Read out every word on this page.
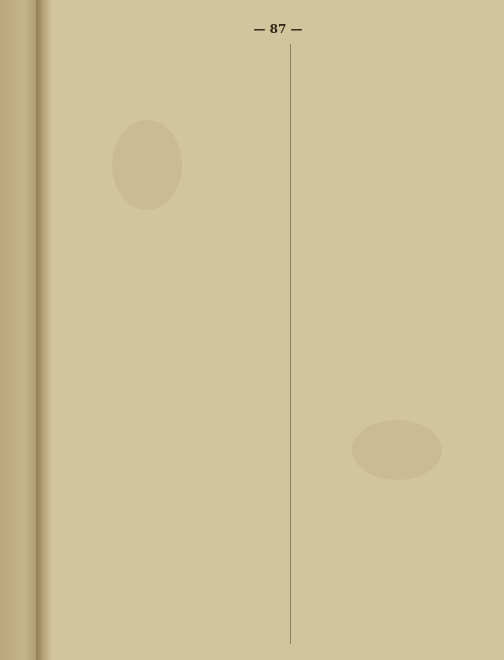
— 87 —
